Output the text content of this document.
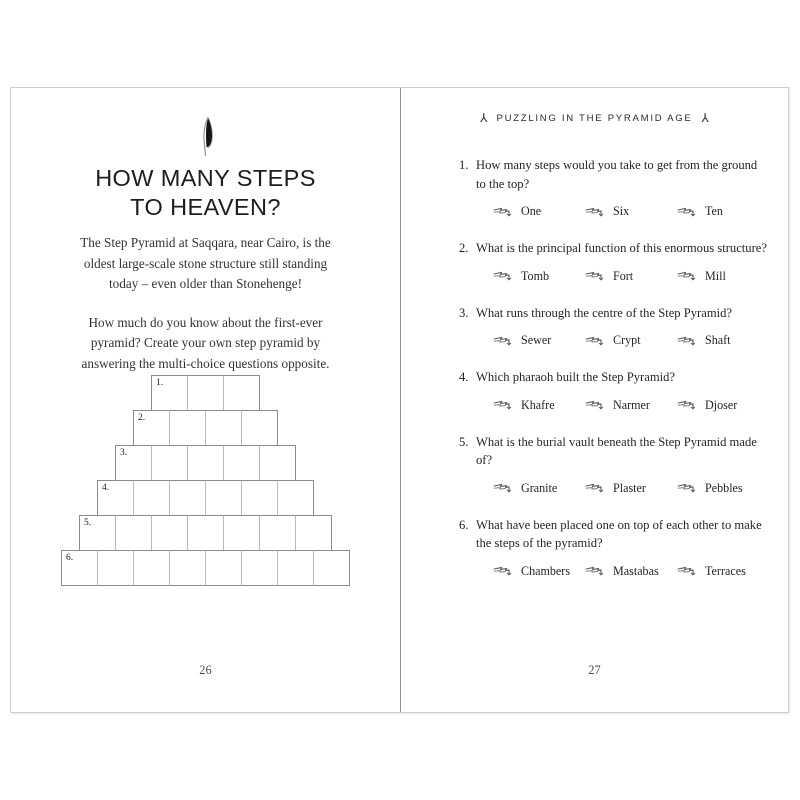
HOW MANY STEPS
TO HEAVEN?

The Step Pyramid at Saqqara, near Cairo, is the oldest large-scale stone structure still standing today – even older than Stonehenge!

How much do you know about the first-ever pyramid? Create your own step pyramid by answering the multi-choice questions opposite.

1.
2.
3.
4.
5.
6.
26
⅄ PUZZLING IN THE PYRAMID AGE ⅄
1. How many steps would you take to get from the ground to the top?
One	Six	Ten
2. What is the principal function of this enormous structure?
Tomb	Fort	Mill
3. What runs through the centre of the Step Pyramid?
Sewer	Crypt	Shaft
4. Which pharaoh built the Step Pyramid?
Khafre	Narmer	Djoser
5. What is the burial vault beneath the Step Pyramid made of?
Granite	Plaster	Pebbles
6. What have been placed one on top of each other to make the steps of the pyramid?
Chambers	Mastabas	Terraces
27
